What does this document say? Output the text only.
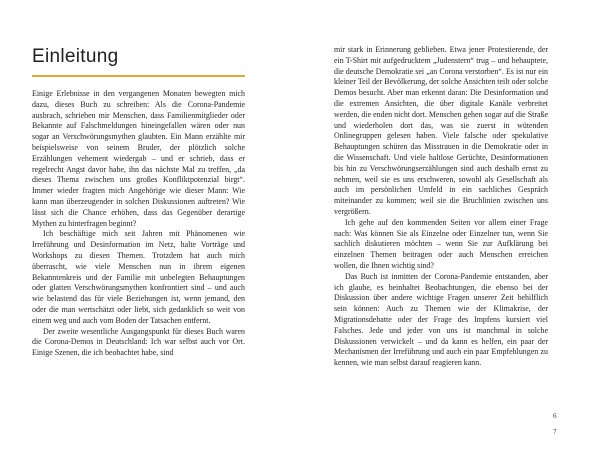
Einleitung

Einige Erlebnisse in den vergangenen Monaten bewegten mich dazu, dieses Buch zu schreiben: Als die Corona-Pandemie ausbrach, schrieben mir Menschen, dass Familienmitglieder oder Bekannte auf Falschmeldungen hineingefallen wären oder nun sogar an Verschwörungsmythen glaubten. Ein Mann erzählte mir beispielsweise von seinem Bruder, der plötzlich solche Erzählungen vehement wiedergab – und er schrieb, dass er regelrecht Angst davor habe, ihn das nächste Mal zu treffen, „da dieses Thema zwischen uns großes Konfliktpotenzial birgt“. Immer wieder fragten mich Angehörige wie dieser Mann: Wie kann man überzeugender in solchen Diskussionen auftreten? Wie lässt sich die Chance erhöhen, dass das Gegenüber derartige Mythen zu hinterfragen beginnt?

Ich beschäftige mich seit Jahren mit Phänomenen wie Irreführung und Desinformation im Netz, halte Vorträge und Workshops zu diesen Themen. Trotzdem hat auch mich überrascht, wie viele Menschen nun in ihrem eigenen Bekanntenkreis und der Familie mit unbelegten Behauptungen oder glatten Verschwörungsmythen konfrontiert sind – und auch wie belastend das für viele Beziehungen ist, wenn jemand, den oder die man wertschätzt oder liebt, sich gedanklich so weit von einem weg und auch vom Boden der Tatsachen entfernt.

Der zweite wesentliche Ausgangspunkt für dieses Buch waren die Corona-Demos in Deutschland: Ich war selbst auch vor Ort. Einige Szenen, die ich beobachtet habe, sind

mir stark in Erinnerung geblieben. Etwa jener Protestierende, der ein T-Shirt mit aufgedrucktem „Judenstern“ trug – und behauptete, die deutsche Demokratie sei „an Corona verstorben“. Es ist nur ein kleiner Teil der Bevölkerung, der solche Ansichten teilt oder solche Demos besucht. Aber man erkennt daran: Die Desinformation und die extremen Ansichten, die über digitale Kanäle verbreitet werden, die enden nicht dort. Menschen gehen sogar auf die Straße und wiederholen dort das, was sie zuerst in wütenden Onlinegruppen gelesen haben. Viele falsche oder spekulative Behauptungen schüren das Misstrauen in die Demokratie oder in die Wissenschaft. Und viele haltlose Gerüchte, Desinformationen bis hin zu Verschwörungserzählungen sind auch deshalb ernst zu nehmen, weil sie es uns erschweren, sowohl als Gesellschaft als auch im persönlichen Umfeld in ein sachliches Gespräch miteinander zu kommen; weil sie die Bruchlinien zwischen uns vergrößern.

Ich gehe auf den kommenden Seiten vor allem einer Frage nach: Was können Sie als Einzelne oder Einzelner tun, wenn Sie sachlich diskutieren möchten – wenn Sie zur Aufklärung bei einzelnen Themen beitragen oder auch Menschen erreichen wollen, die Ihnen wichtig sind?

Das Buch ist inmitten der Corona-Pandemie entstanden, aber ich glaube, es beinhaltet Beobachtungen, die ebenso bei der Diskussion über andere wichtige Fragen unserer Zeit behilflich sein können: Auch zu Themen wie der Klimakrise, der Migrationsdebatte oder der Frage des Impfens kursiert viel Falsches. Jede und jeder von uns ist manchmal in solche Diskussionen verwickelt – und da kann es helfen, ein paar der Mechanismen der Irreführung und auch ein paar Empfehlungen zu kennen, wie man selbst darauf reagieren kann.

6
7
